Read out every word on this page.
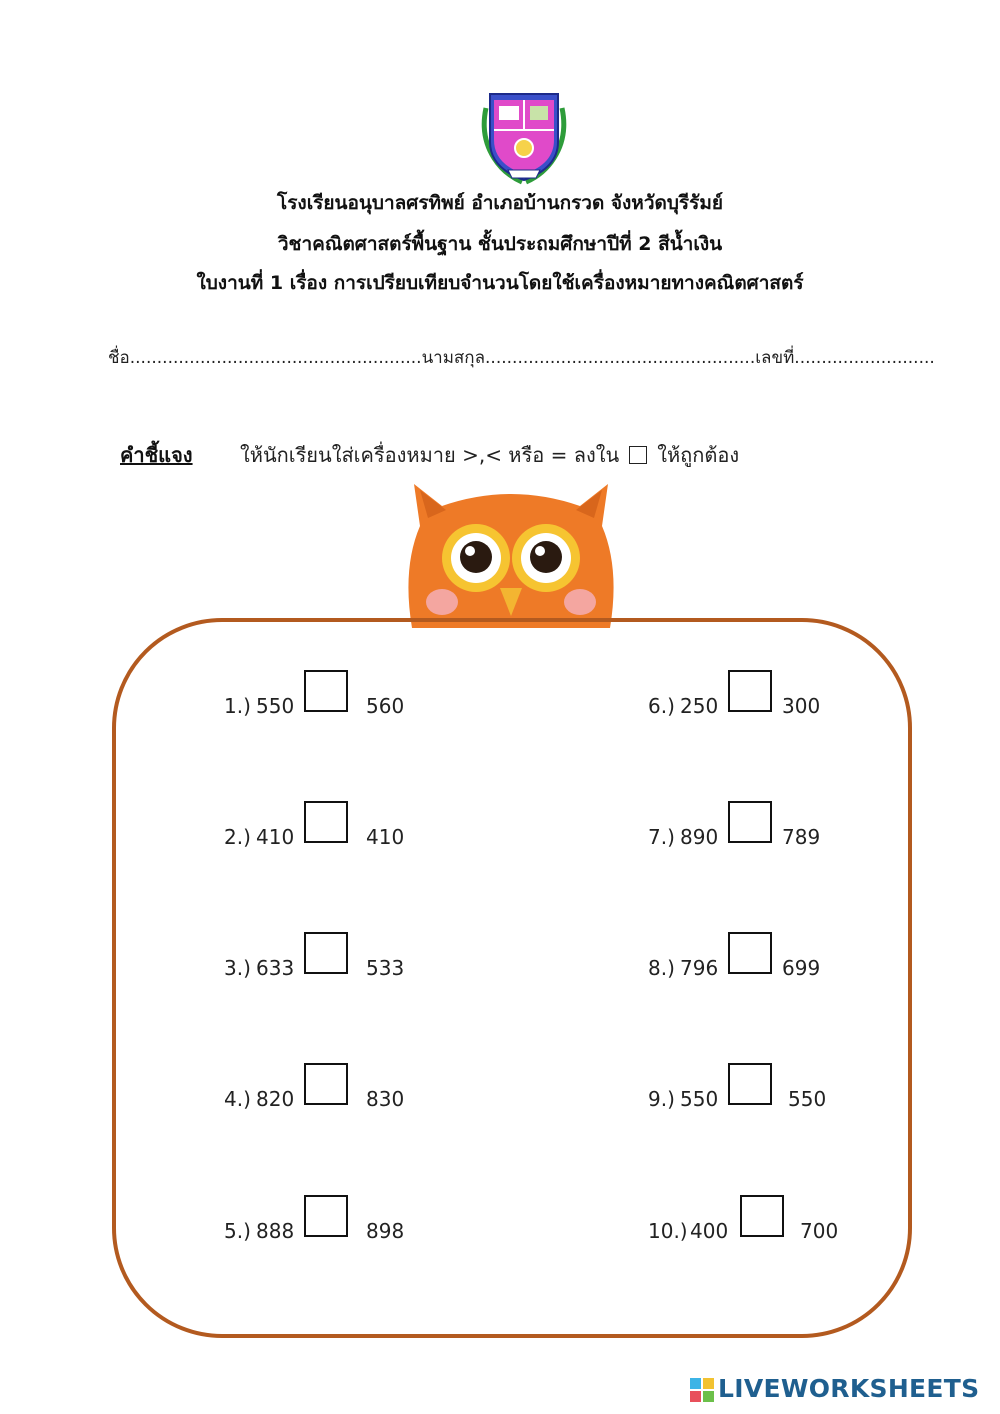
โรงเรียนอนุบาลศรทิพย์ อำเภอบ้านกรวด จังหวัดบุรีรัมย์
วิชาคณิตศาสตร์พื้นฐาน ชั้นประถมศึกษาปีที่ 2 สีน้ำเงิน
ใบงานที่ 1 เรื่อง การเปรียบเทียบจำนวนโดยใช้เครื่องหมายทางคณิตศาสตร์
ชื่อ......................................................นามสกุล..................................................เลขที่..........................
คำชี้แจง ให้นักเรียนใส่เครื่องหมาย >,< หรือ = ลงใน ให้ถูกต้อง
1.) 550	560
2.) 410	410
3.) 633	533
4.) 820	830
5.) 888	898
6.) 250	300
7.) 890	789
8.) 796	699
9.) 550	550
10.) 400	700
LIVEWORKSHEETS
